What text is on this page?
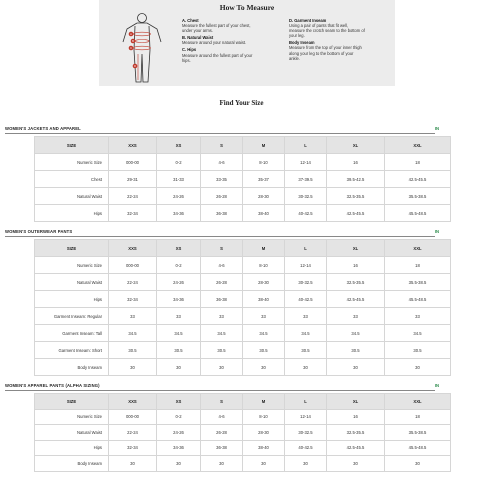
How To Measure
A
B
C
D
A. Chest
Measure the fullest part of your chest,
under your arms.
B. Natural Waist
Measure around your natural waist.
C. Hips
Measure around the fullest part of your
hips.
D. Garment Inseam
Using a pair of pants that fit well,
measure the crotch seam to the bottom of
your leg.
Body Inseam
Measure from the top of your inner thigh
along your leg to the bottom of your
ankle.
Find Your Size
WOMEN'S JACKETS AND APPAREL	IN
SIZE	XXS	XS	S	M	L	XL	XXL
Numeric Size	000-00	0-2	4-6	8-10	12-14	16	18
Chest	29-31	31-33	33-35	35-37	37-39.5	39.5-42.5	42.5-45.5
Natural Waist	22-24	24-26	26-28	28-30	30-32.5	32.5-35.5	35.5-38.5
Hips	32-34	34-36	36-38	38-40	40-42.5	42.5-45.5	45.5-48.5
WOMEN'S OUTERWEAR PANTS	IN
SIZE	XXS	XS	S	M	L	XL	XXL
Numeric Size	000-00	0-2	4-6	8-10	12-14	16	18
Natural Waist	22-24	24-26	26-28	28-30	30-32.5	32.5-35.5	35.5-38.5
Hips	32-34	34-36	36-38	38-40	40-42.5	42.5-45.5	45.5-48.5
Garment Inseam: Regular	33	33	33	33	33	33	33
Garment Inseam: Tall	34.5	34.5	34.5	34.5	34.5	34.5	34.5
Garment Inseam: Short	30.5	30.5	30.5	30.5	30.5	30.5	30.5
Body Inseam	30	30	30	30	30	30	30
WOMEN'S APPAREL PANTS (ALPHA SIZING)	IN
SIZE	XXS	XS	S	M	L	XL	XXL
Numeric Size	000-00	0-2	4-6	8-10	12-14	16	18
Natural Waist	22-24	24-26	26-28	28-30	30-32.5	32.5-35.5	35.5-38.5
Hips	32-34	34-36	36-38	38-40	40-42.5	42.5-45.5	45.5-48.5
Body Inseam	30	30	30	30	30	30	30
